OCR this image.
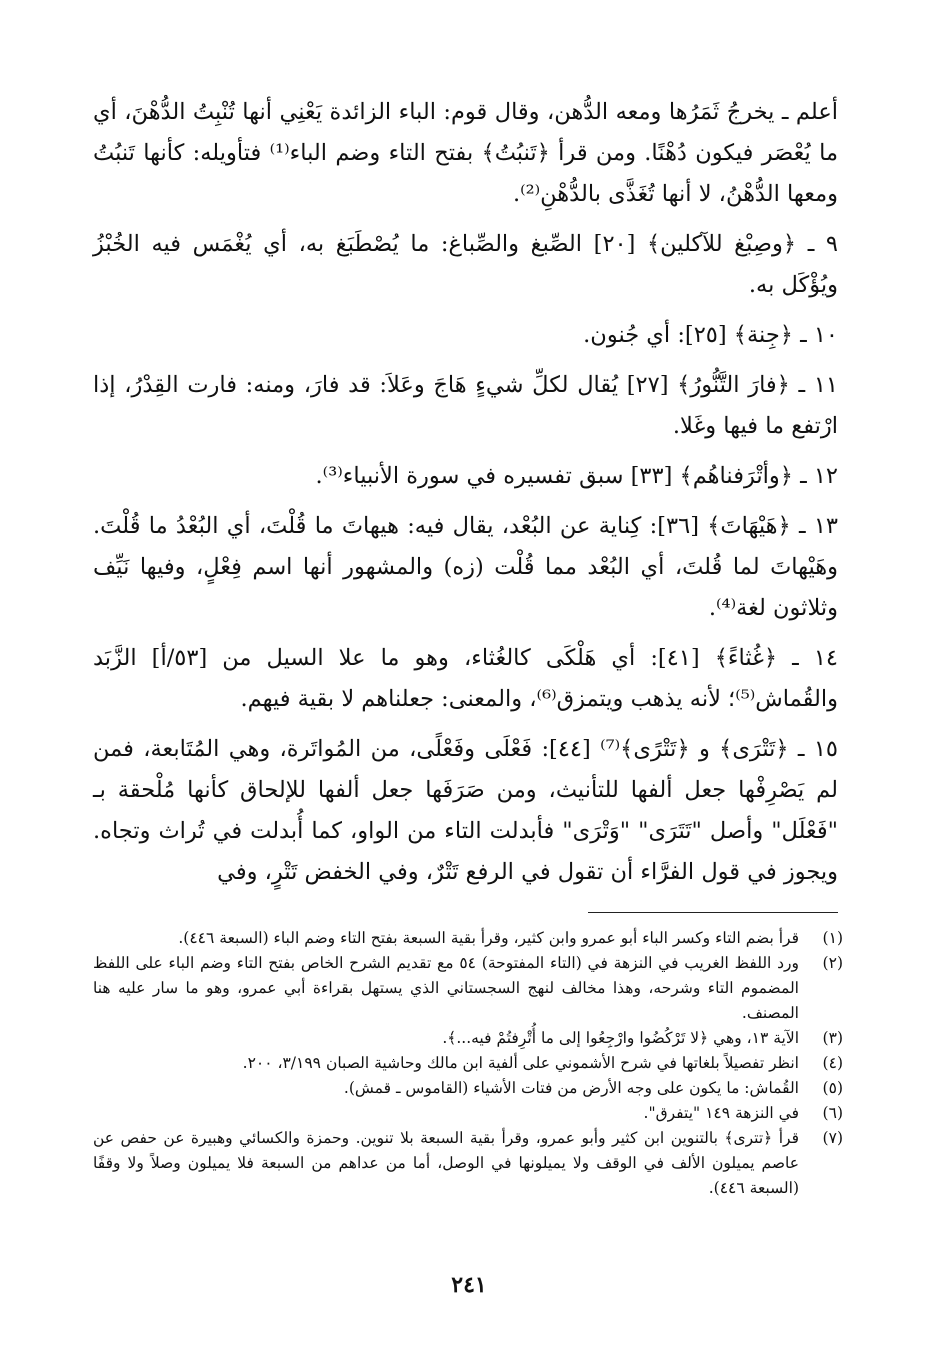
أعلم ـ يخرجُ ثَمَرُها ومعه الدُّهن، وقال قوم: الباء الزائدة يَعْنِي أنها تُنْبِتُ الدُّهْنَ، أي ما يُعْصَر فيكون دُهْنًا. ومن قرأ ﴿تَنبُتُ﴾ بفتح التاء وضم الباء⁽¹⁾ فتأويله: كأنها تَنبُتُ ومعها الدُّهْنُ، لا أنها تُغَذَّى بالدُّهْنِ⁽²⁾.

٩ ـ ﴿وصِبْغ للآكلين﴾ [٢٠] الصِّبغ والصِّباغ: ما يُصْطَبَغ به، أي يُغْمَس فيه الخُبْزُ ويُؤْكَل به.

١٠ ـ ﴿جِنة﴾ [٢٥]: أي جُنون.

١١ ـ ﴿فارَ التَّنُّورُ﴾ [٢٧] يُقال لكلِّ شيءٍ هَاجَ وعَلاَ: قد فارَ، ومنه: فارت القِدْرُ، إذا ارْتفع ما فيها وغَلا.

١٢ ـ ﴿وأتْرَفناهُم﴾ [٣٣] سبق تفسيره في سورة الأنبياء⁽³⁾.

١٣ ـ ﴿هَيْهَاتَ﴾ [٣٦]: كِناية عن البُعْد، يقال فيه: هيهاتَ ما قُلْتَ، أي البُعْدُ ما قُلْتَ. وهَيْهاتَ لما قُلتَ، أي البُعْد مما قُلْت (زه) والمشهور أنها اسم فِعْلٍ، وفيها نَيِّف وثلاثون لغة⁽⁴⁾.

١٤ ـ ﴿غُثاءً﴾ [٤١]: أي هَلْكَى كالغُثاء، وهو ما علا السيل من [٥٣/أ] الزَّبَد والقُماش⁽⁵⁾؛ لأنه يذهب ويتمزق⁽⁶⁾، والمعنى: جعلناهم لا بقية فيهم.

١٥ ـ ﴿تَتْرَى﴾ و ﴿تَتْرًى﴾⁽⁷⁾ [٤٤]: فَعْلَى وفَعْلًى، من المُواتَرة، وهي المُتَابعة، فمن لم يَصْرِفْها جعل ألفها للتأنيث، ومن صَرَفَها جعل ألفها للإلحاق كأنها مُلْحقة بـ "فَعْلَل" وأصل "تَتَرَى" "وَتْرَى" فأبدلت التاء من الواو، كما أُبدلت في تُراث وتجاه. ويجوز في قول الفرَّاء أن تقول في الرفع تَتْرٌ، وفي الخفض تَتْرٍ، وفي

(١)
قرأ بضم التاء وكسر الباء أبو عمرو وابن كثير، وقرأ بقية السبعة بفتح التاء وضم الباء (السبعة ٤٤٦).
(٢)
ورد اللفظ الغريب في النزهة في (التاء المفتوحة) ٥٤ مع تقديم الشرح الخاص بفتح التاء وضم الباء على اللفظ المضموم التاء وشرحه، وهذا مخالف لنهج السجستاني الذي يستهل بقراءة أبي عمرو، وهو ما سار عليه هنا المصنف.
(٣)
الآية ١٣، وهي ﴿لا تَرْكُضُوا وارْجِعُوا إلى ما أُتْرِفتُمْ فيه...﴾.
(٤)
انظر تفصيلاً بلغاتها في شرح الأشموني على ألفية ابن مالك وحاشية الصبان ٣/١٩٩، ٢٠٠.
(٥)
القُماش: ما يكون على وجه الأرض من فتات الأشياء (القاموس ـ قمش).
(٦)
في النزهة ١٤٩ "يتفرق".
(٧)
قرأ ﴿تترى﴾ بالتنوين ابن كثير وأبو عمرو، وقرأ بقية السبعة بلا تنوين. وحمزة والكسائي وهبيرة عن حفص عن عاصم يميلون الألف في الوقف ولا يميلونها في الوصل، أما من عداهم من السبعة فلا يميلون وصلاً ولا وقفًا (السبعة ٤٤٦).
٢٤١
